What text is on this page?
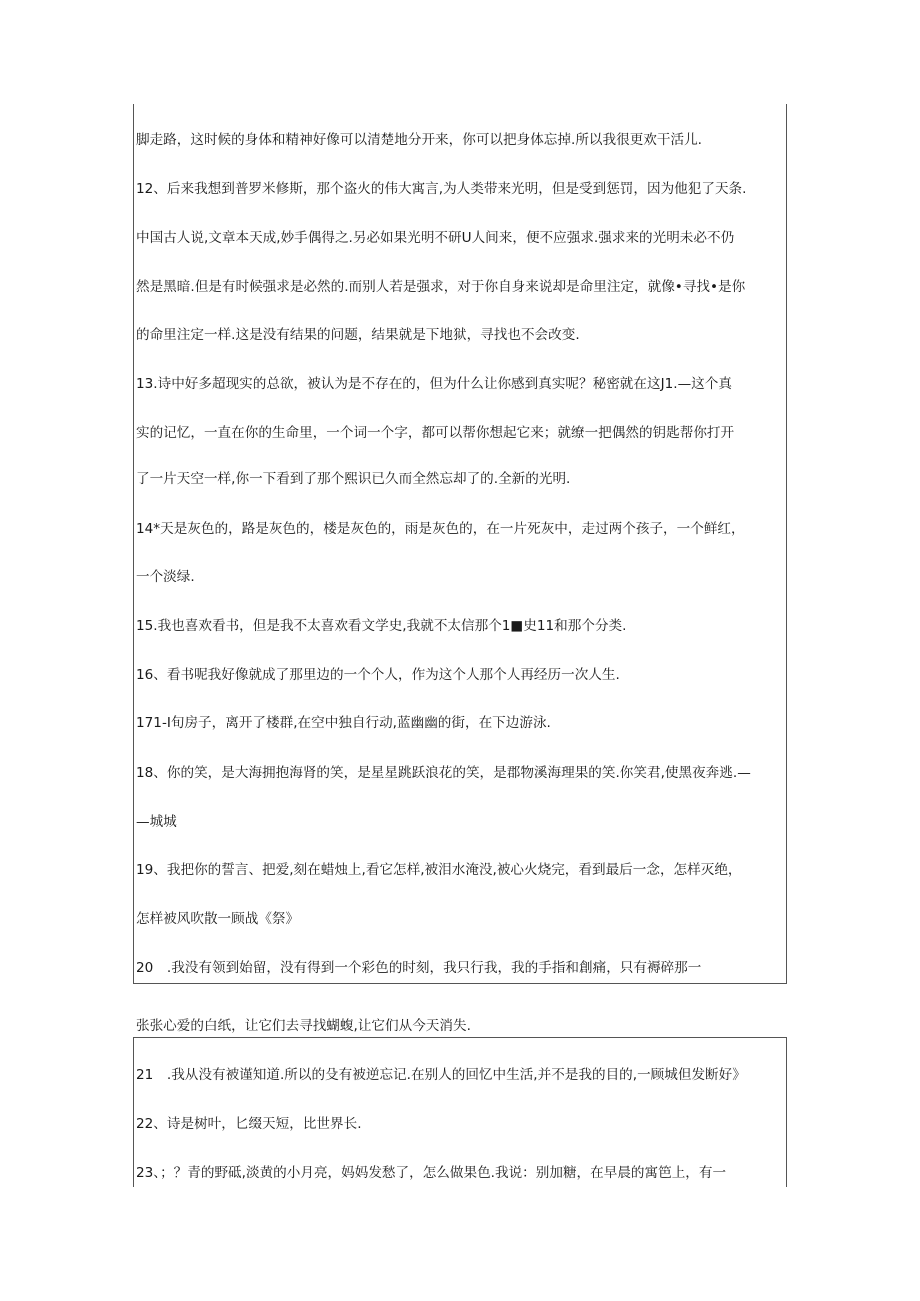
脚走路，这时候的身体和精神好像可以清楚地分开来，你可以把身体忘掉.所以我很更欢干活儿.
12、后来我想到普罗米修斯，那个盗火的伟大寓言,为人类带来光明，但是受到惩罚，因为他犯了天条.
中国古人说,文章本天成,妙手偶得之.另必如果光明不研U人间来，便不应强求.强求来的光明未必不仍
然是黑暗.但是有时候强求是必然的.而别人若是强求，对于你自身来说却是命里注定，就像•寻找•是你
的命里注定一样.这是没有结果的问题，结果就是下地狱，寻找也不会改变.
13.诗中好多超现实的总欲，被认为是不存在的，但为什么让你感到真实呢？秘密就在这J1.—这个真
实的记忆，一直在你的生命里，一个词一个字，都可以帮你想起它来；就缭一把偶然的钥匙帮你打开
了一片天空一样,你一下看到了那个熙识已久而全然忘却了的.全新的光明.
14*天是灰色的，路是灰色的，楼是灰色的，雨是灰色的，在一片死灰中，走过两个孩子，一个鲜红，
一个淡绿.
15.我也喜欢看书，但是我不太喜欢看文学史,我就不太信那个1■史11和那个分类.
16、看书呢我好像就成了那里边的一个个人，作为这个人那个人再经历一次人生.
171-I旬房子，离开了楼群,在空中独自行动,蓝幽幽的街，在下边游泳.
18、你的笑，是大海拥抱海肾的笑，是星星跳跃浪花的笑，是郡物溪海理果的笑.你笑君,使黑夜奔逃.—
—城城
19、我把你的誓言、把爱,刻在蜡烛上,看它怎样,被泪水淹没,被心火烧完，看到最后一念，怎样灭绝，
怎样被风吹散一顾战《祭》
20　.我没有领到始留，没有得到一个彩色的时刻，我只行我，我的手指和創痛，只有褥碎那一
张张心爱的白纸，让它们去寻找蝴蝮,让它们从今天消失.
21　.我从没有被谨知道.所以的殳有被逆忘记.在别人的回忆中生活,并不是我的目的,一顾城但发断好》
22、诗是树叶，匕缀天短，比世界长.
23、；？青的野砥,淡黄的小月亮，妈妈发愁了，怎么做果色.我说：别加糖，在早晨的寓笆上，有一
